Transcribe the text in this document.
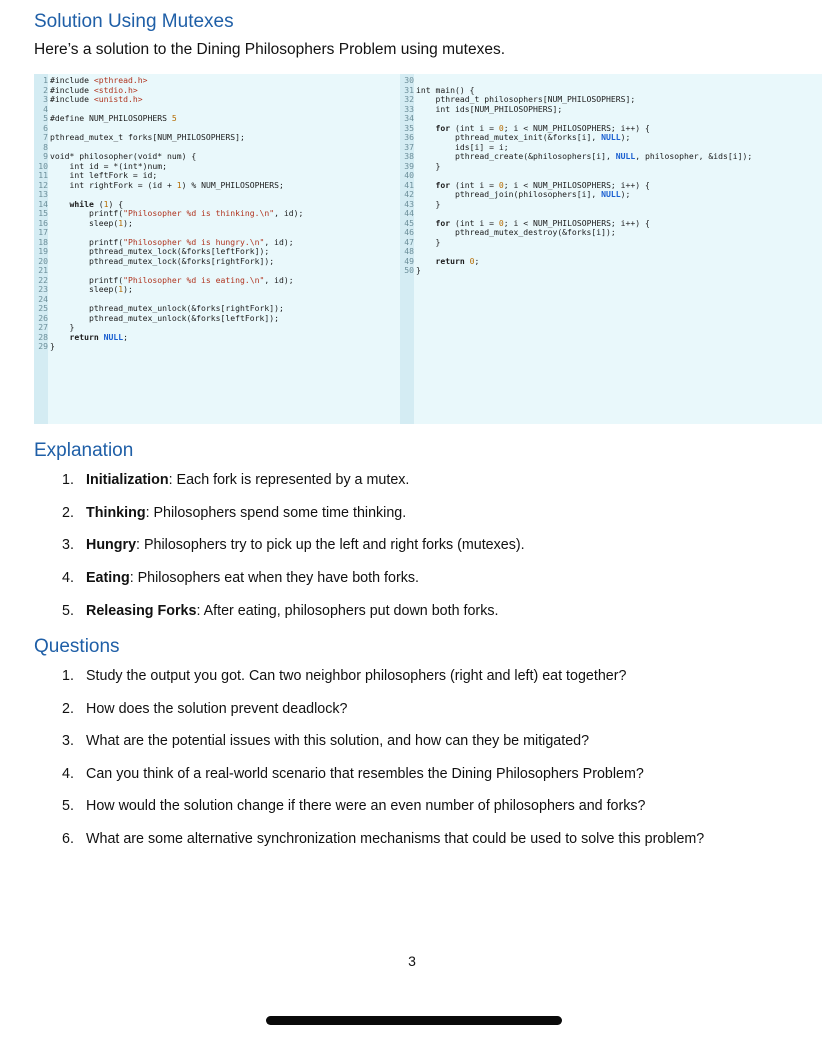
Solution Using Mutexes
Here’s a solution to the Dining Philosophers Problem using mutexes.
1 #include <pthread.h>
2 #include <stdio.h>
3 #include <unistd.h>
4
5 #define NUM_PHILOSOPHERS 5
6
7 pthread_mutex_t forks[NUM_PHILOSOPHERS];
8
9 void* philosopher(void* num) {
10    int id = *(int*)num;
11    int leftFork = id;
12    int rightFork = (id + 1) % NUM_PHILOSOPHERS;
13
14	while (1) {
15        printf("Philosopher %d is thinking.\n", id);
16        sleep(1);
17
18        printf("Philosopher %d is hungry.\n", id);
19        pthread_mutex_lock(&forks[leftFork]);
20        pthread_mutex_lock(&forks[rightFork]);
21
22        printf("Philosopher %d is eating.\n", id);
23        sleep(1);
24
25        pthread_mutex_unlock(&forks[rightFork]);
26        pthread_mutex_unlock(&forks[leftFork]);
27    }
28	return NULL;
29 }
30
31 int main() {
32    pthread_t philosophers[NUM_PHILOSOPHERS];
33    int ids[NUM_PHILOSOPHERS];
34
35	for (int i = 0; i < NUM_PHILOSOPHERS; i++) {
36        pthread_mutex_init(&forks[i], NULL);
37        ids[i] = i;
38        pthread_create(&philosophers[i], NULL, philosopher, &ids[i]);
39    }
40
41	for (int i = 0; i < NUM_PHILOSOPHERS; i++) {
42        pthread_join(philosophers[i], NULL);
43    }
44
45	for (int i = 0; i < NUM_PHILOSOPHERS; i++) {
46        pthread_mutex_destroy(&forks[i]);
47    }
48
49	return 0;
50 }
Explanation
1. Initialization: Each fork is represented by a mutex.
2. Thinking: Philosophers spend some time thinking.
3. Hungry: Philosophers try to pick up the left and right forks (mutexes).
4. Eating: Philosophers eat when they have both forks.
5. Releasing Forks: After eating, philosophers put down both forks.
Questions
1. Study the output you got. Can two neighbor philosophers (right and left) eat together?
2. How does the solution prevent deadlock?
3. What are the potential issues with this solution, and how can they be mitigated?
4. Can you think of a real-world scenario that resembles the Dining Philosophers Problem?
5. How would the solution change if there were an even number of philosophers and forks?
6. What are some alternative synchronization mechanisms that could be used to solve this problem?
3
